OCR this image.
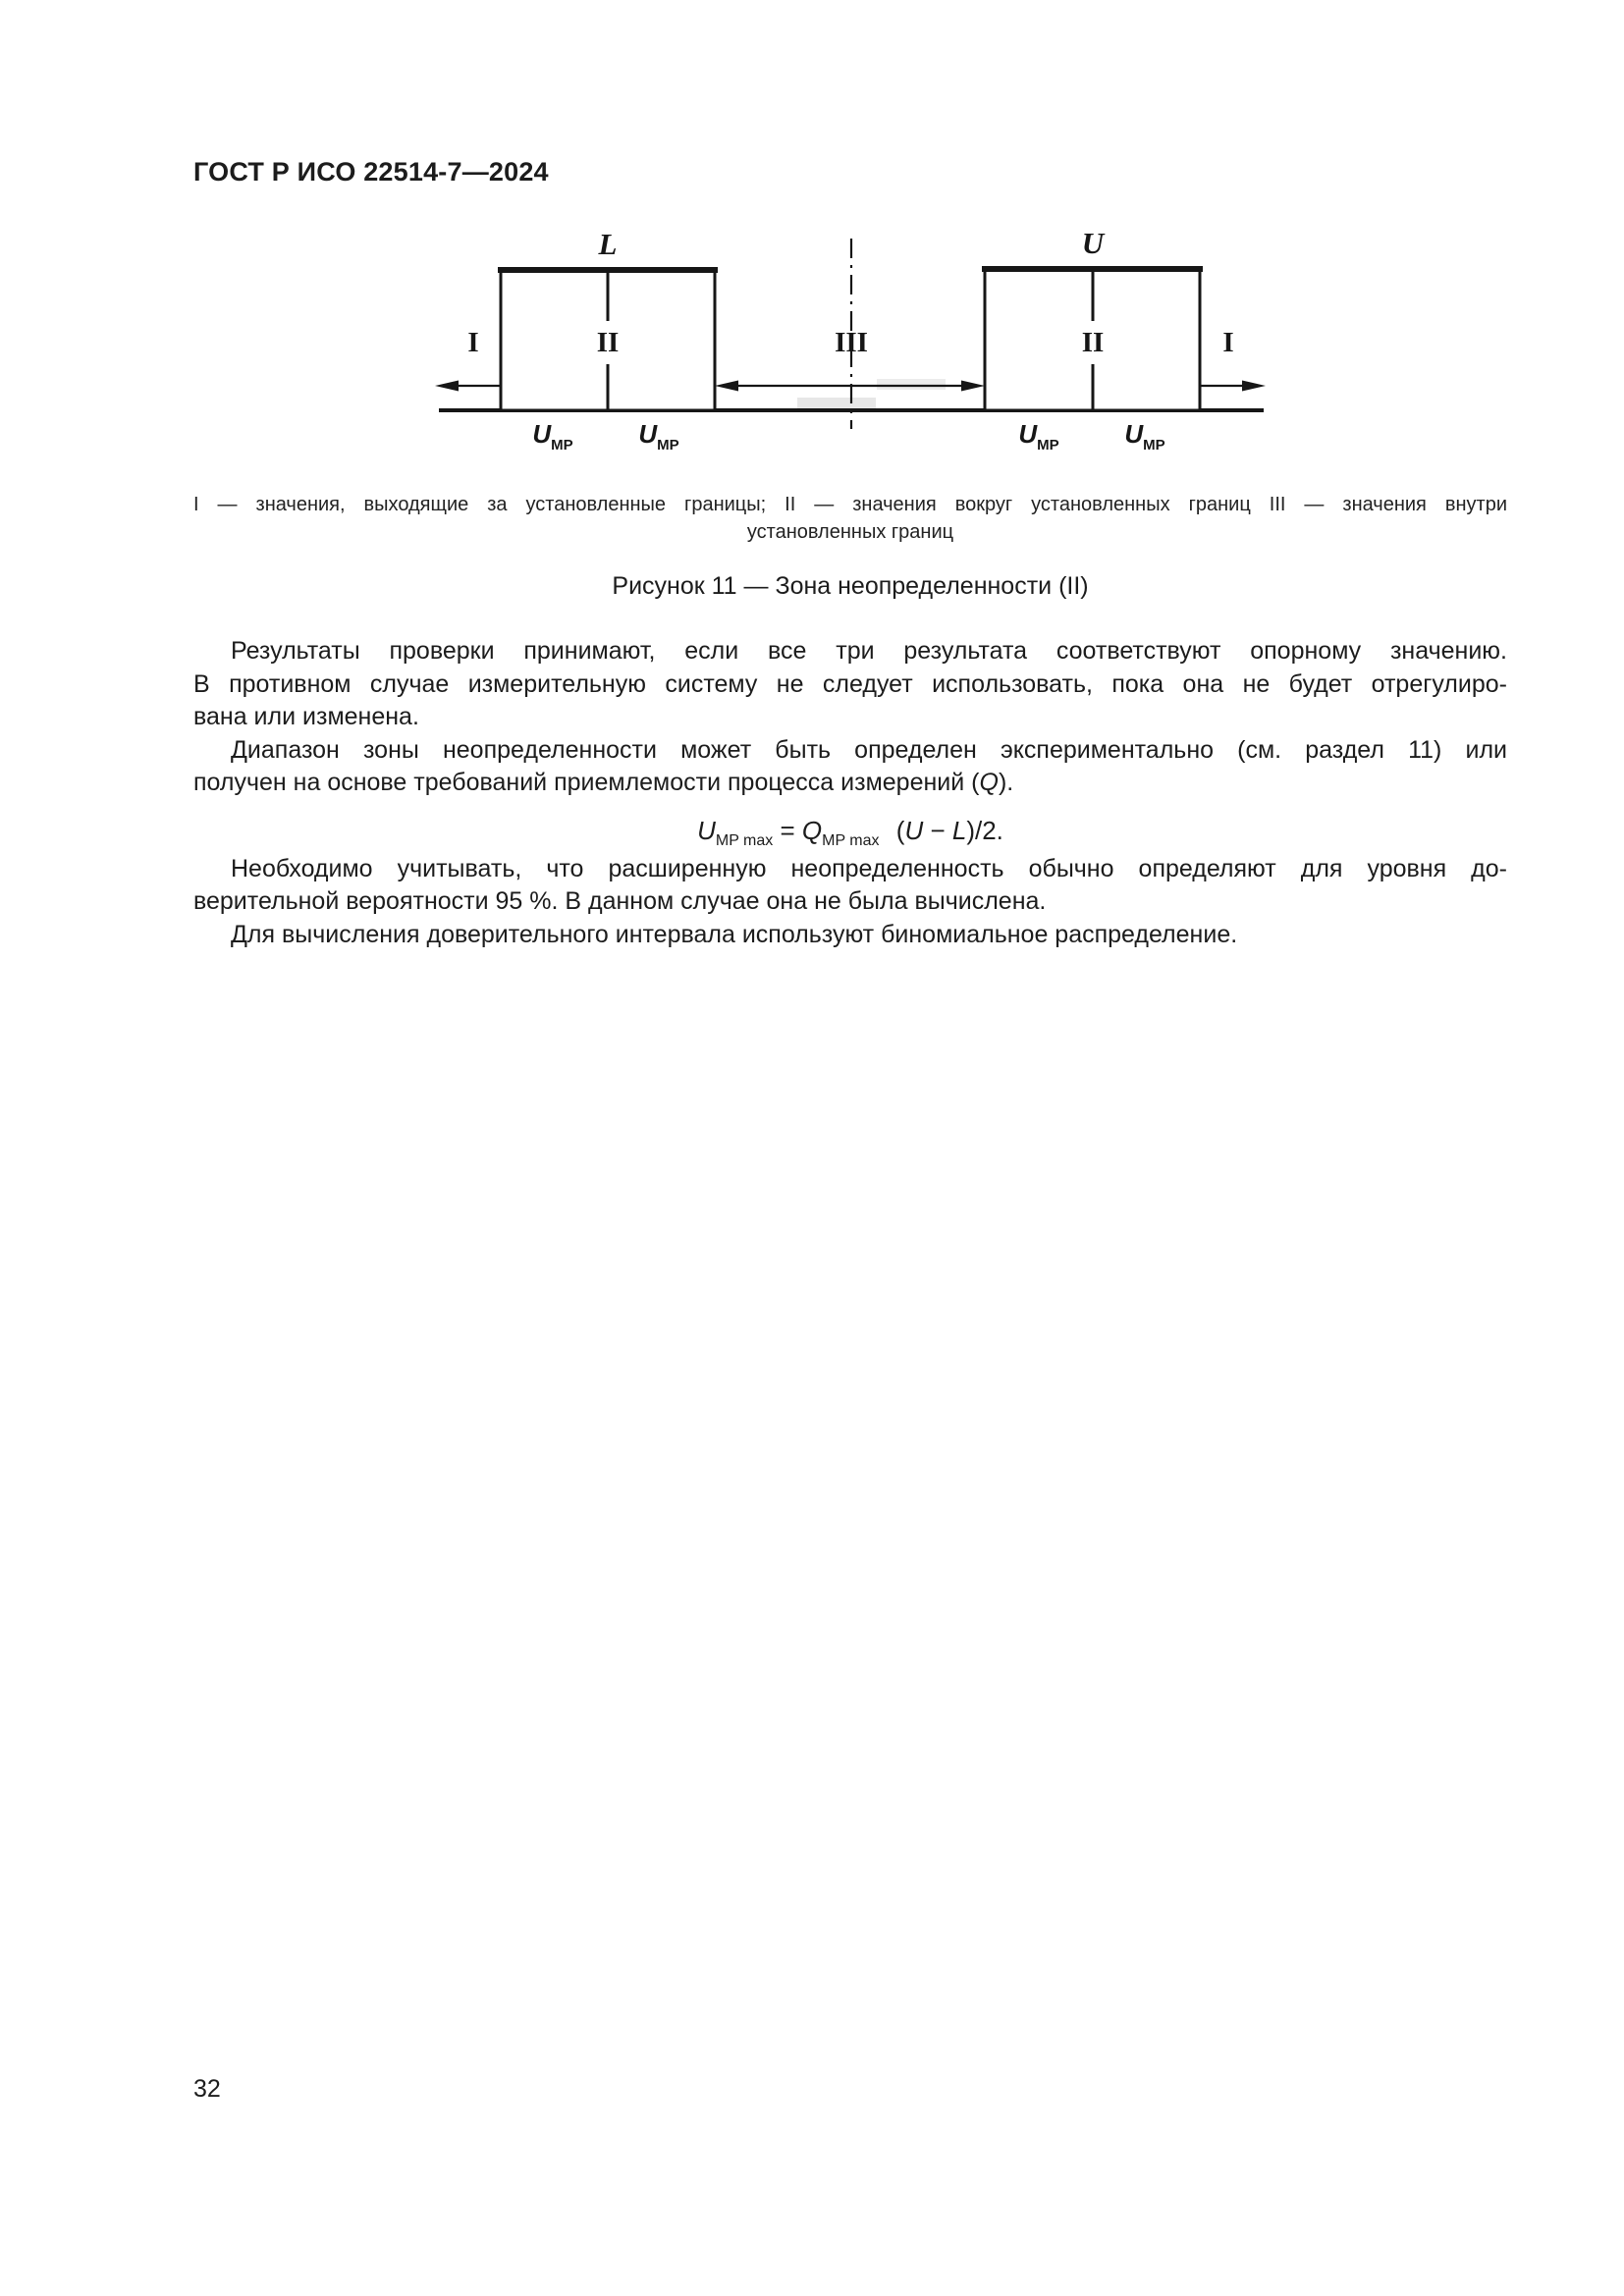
ГОСТ Р ИСО 22514-7—2024
L	U
I	II	III	II	I
UMP	UMP	UMP	UMP
I — значения, выходящие за установленные границы; II — значения вокруг установленных границ III — значения внутри
установленных границ
Рисунок 11 — Зона неопределенности (II)
Результаты проверки принимают, если все три результата соответствуют опорному значению.
В противном случае измерительную систему не следует использовать, пока она не будет отрегулиро-
вана или изменена.
Диапазон зоны неопределенности может быть определен экспериментально (см. раздел 11) или
получен на основе требований приемлемости процесса измерений (Q).
$U_{MP max} = Q_{MP max}$ (U − L)/2.
Необходимо учитывать, что расширенную неопределенность обычно определяют для уровня до-
верительной вероятности 95 %. В данном случае она не была вычислена.
Для вычисления доверительного интервала используют биномиальное распределение.
32
